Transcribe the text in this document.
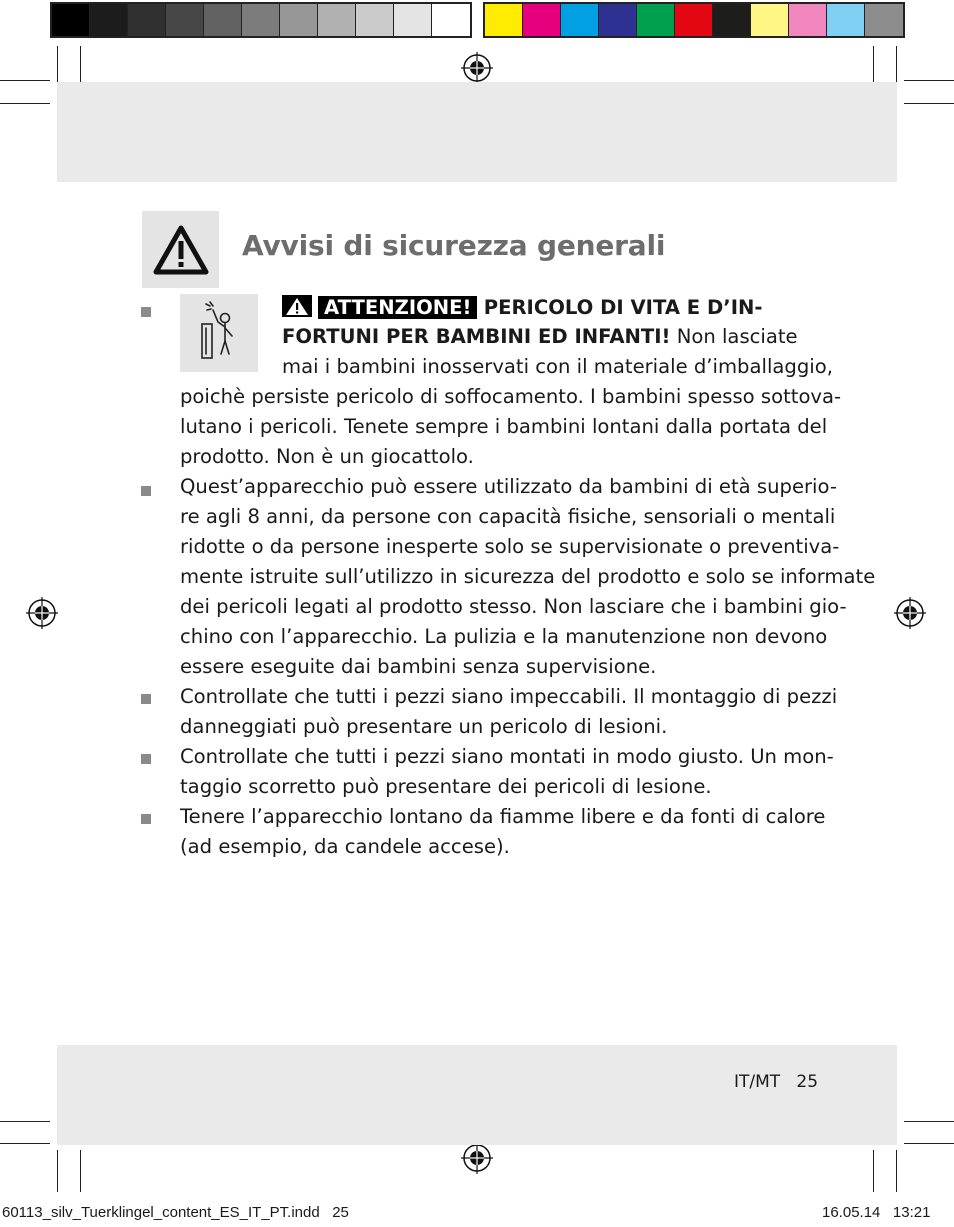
Avvisi di sicurezza generali
ATTENZIONE! PERICOLO DI VITA E D’IN-
FORTUNI PER BAMBINI ED INFANTI! Non lasciate
mai i bambini inosservati con il materiale d’imballaggio,
poichè persiste pericolo di soffocamento. I bambini spesso sottova-
lutano i pericoli. Tenete sempre i bambini lontani dalla portata del
prodotto. Non è un giocattolo.
Quest’apparecchio può essere utilizzato da bambini di età superio-
re agli 8 anni, da persone con capacità fisiche, sensoriali o mentali
ridotte o da persone inesperte solo se supervisionate o preventiva-
mente istruite sull’utilizzo in sicurezza del prodotto e solo se informate
dei pericoli legati al prodotto stesso. Non lasciare che i bambini gio-
chino con l’apparecchio. La pulizia e la manutenzione non devono
essere eseguite dai bambini senza supervisione.
Controllate che tutti i pezzi siano impeccabili. Il montaggio di pezzi
danneggiati può presentare un pericolo di lesioni.
Controllate che tutti i pezzi siano montati in modo giusto. Un mon-
taggio scorretto può presentare dei pericoli di lesione.
Tenere l’apparecchio lontano da fiamme libere e da fonti di calore
(ad esempio, da candele accese).
IT/MT   25
60113_silv_Tuerklingel_content_ES_IT_PT.indd   25	16.05.14   13:21
